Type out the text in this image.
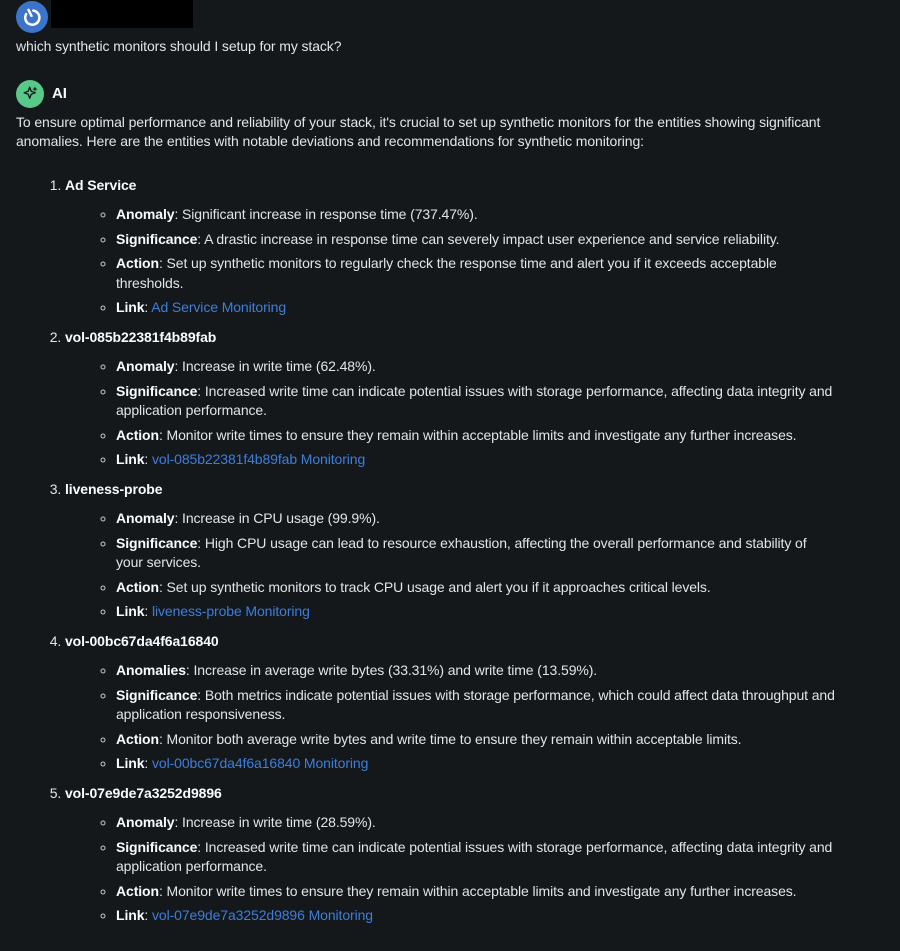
which synthetic monitors should I setup for my stack?
AI
To ensure optimal performance and reliability of your stack, it's crucial to set up synthetic monitors for the entities showing significant anomalies. Here are the entities with notable deviations and recommendations for synthetic monitoring:
1. Ad Service
◦ Anomaly: Significant increase in response time (737.47%).
◦ Significance: A drastic increase in response time can severely impact user experience and service reliability.
◦ Action: Set up synthetic monitors to regularly check the response time and alert you if it exceeds acceptable thresholds.
◦ Link: Ad Service Monitoring
2. vol-085b22381f4b89fab
◦ Anomaly: Increase in write time (62.48%).
◦ Significance: Increased write time can indicate potential issues with storage performance, affecting data integrity and application performance.
◦ Action: Monitor write times to ensure they remain within acceptable limits and investigate any further increases.
◦ Link: vol-085b22381f4b89fab Monitoring
3. liveness-probe
◦ Anomaly: Increase in CPU usage (99.9%).
◦ Significance: High CPU usage can lead to resource exhaustion, affecting the overall performance and stability of your services.
◦ Action: Set up synthetic monitors to track CPU usage and alert you if it approaches critical levels.
◦ Link: liveness-probe Monitoring
4. vol-00bc67da4f6a16840
◦ Anomalies: Increase in average write bytes (33.31%) and write time (13.59%).
◦ Significance: Both metrics indicate potential issues with storage performance, which could affect data throughput and application responsiveness.
◦ Action: Monitor both average write bytes and write time to ensure they remain within acceptable limits.
◦ Link: vol-00bc67da4f6a16840 Monitoring
5. vol-07e9de7a3252d9896
◦ Anomaly: Increase in write time (28.59%).
◦ Significance: Increased write time can indicate potential issues with storage performance, affecting data integrity and application performance.
◦ Action: Monitor write times to ensure they remain within acceptable limits and investigate any further increases.
◦ Link: vol-07e9de7a3252d9896 Monitoring
